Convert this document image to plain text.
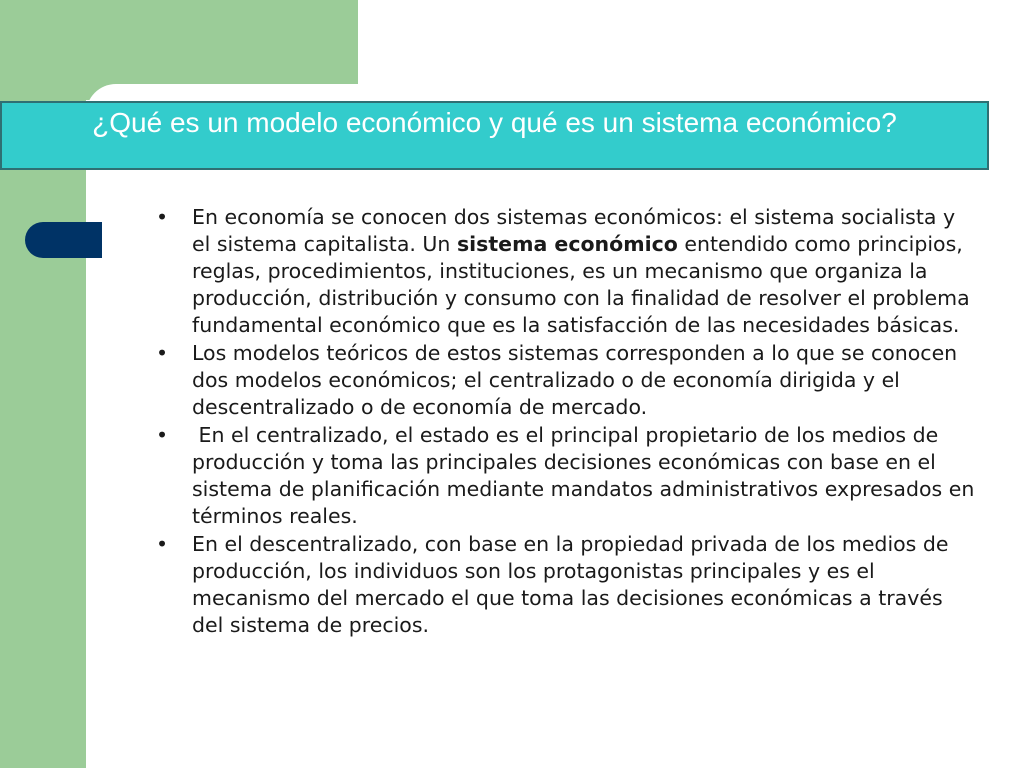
¿Qué es un modelo económico y qué es un sistema económico?
•	En economía se conocen dos sistemas económicos: el sistema socialista y el sistema capitalista. Un sistema económico entendido como principios, reglas, procedimientos, instituciones, es un mecanismo que organiza la producción, distribución y consumo con la finalidad de resolver el problema fundamental económico que es la satisfacción de las necesidades básicas.
•	Los modelos teóricos de estos sistemas corresponden a lo que se conocen dos modelos económicos; el centralizado o de economía dirigida y el descentralizado o de economía de mercado.
•	En el centralizado, el estado es el principal propietario de los medios de producción y toma las principales decisiones económicas con base en el sistema de planificación mediante mandatos administrativos expresados en términos reales.
•	En el descentralizado, con base en la propiedad privada de los medios de producción, los individuos son los protagonistas principales y es el mecanismo del mercado el que toma las decisiones económicas a través del sistema de precios.
